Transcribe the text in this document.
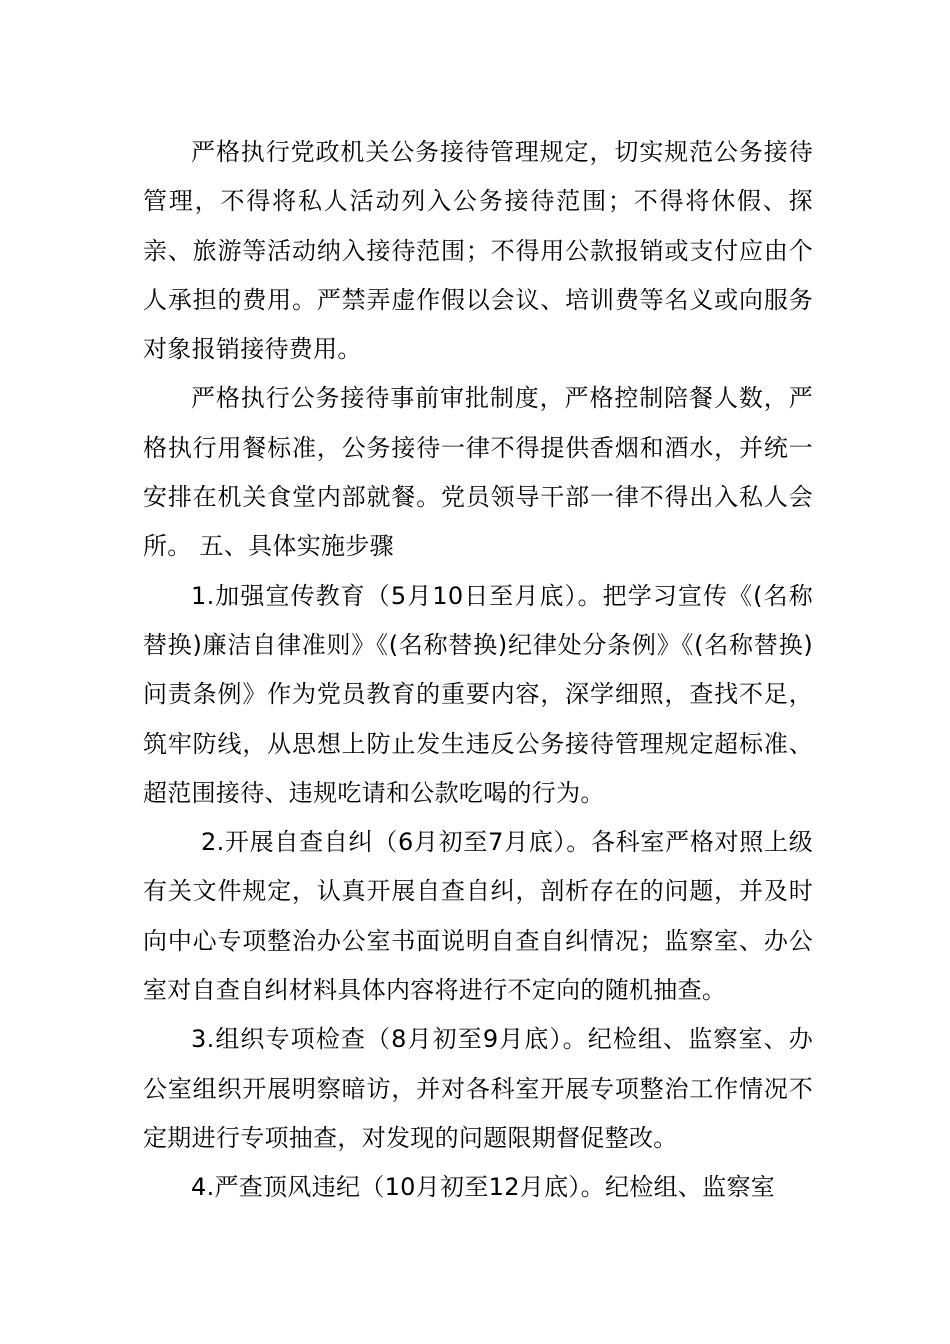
严格执行党政机关公务接待管理规定，切实规范公务接待管理，不得将私人活动列入公务接待范围；不得将休假、探亲、旅游等活动纳入接待范围；不得用公款报销或支付应由个人承担的费用。严禁弄虚作假以会议、培训费等名义或向服务对象报销接待费用。

严格执行公务接待事前审批制度，严格控制陪餐人数，严格执行用餐标准，公务接待一律不得提供香烟和酒水，并统一安排在机关食堂内部就餐。党员领导干部一律不得出入私人会所。 五、具体实施步骤

1.加强宣传教育（5月10日至月底）。把学习宣传《(名称替换)廉洁自律准则》《(名称替换)纪律处分条例》《(名称替换)问责条例》作为党员教育的重要内容，深学细照，查找不足，筑牢防线，从思想上防止发生违反公务接待管理规定超标准、超范围接待、违规吃请和公款吃喝的行为。

2.开展自查自纠（6月初至7月底）。各科室严格对照上级有关文件规定，认真开展自查自纠，剖析存在的问题，并及时向中心专项整治办公室书面说明自查自纠情况；监察室、办公室对自查自纠材料具体内容将进行不定向的随机抽查。

3.组织专项检查（8月初至9月底）。纪检组、监察室、办公室组织开展明察暗访，并对各科室开展专项整治工作情况不定期进行专项抽查，对发现的问题限期督促整改。

4.严查顶风违纪（10月初至12月底）。纪检组、监察室
